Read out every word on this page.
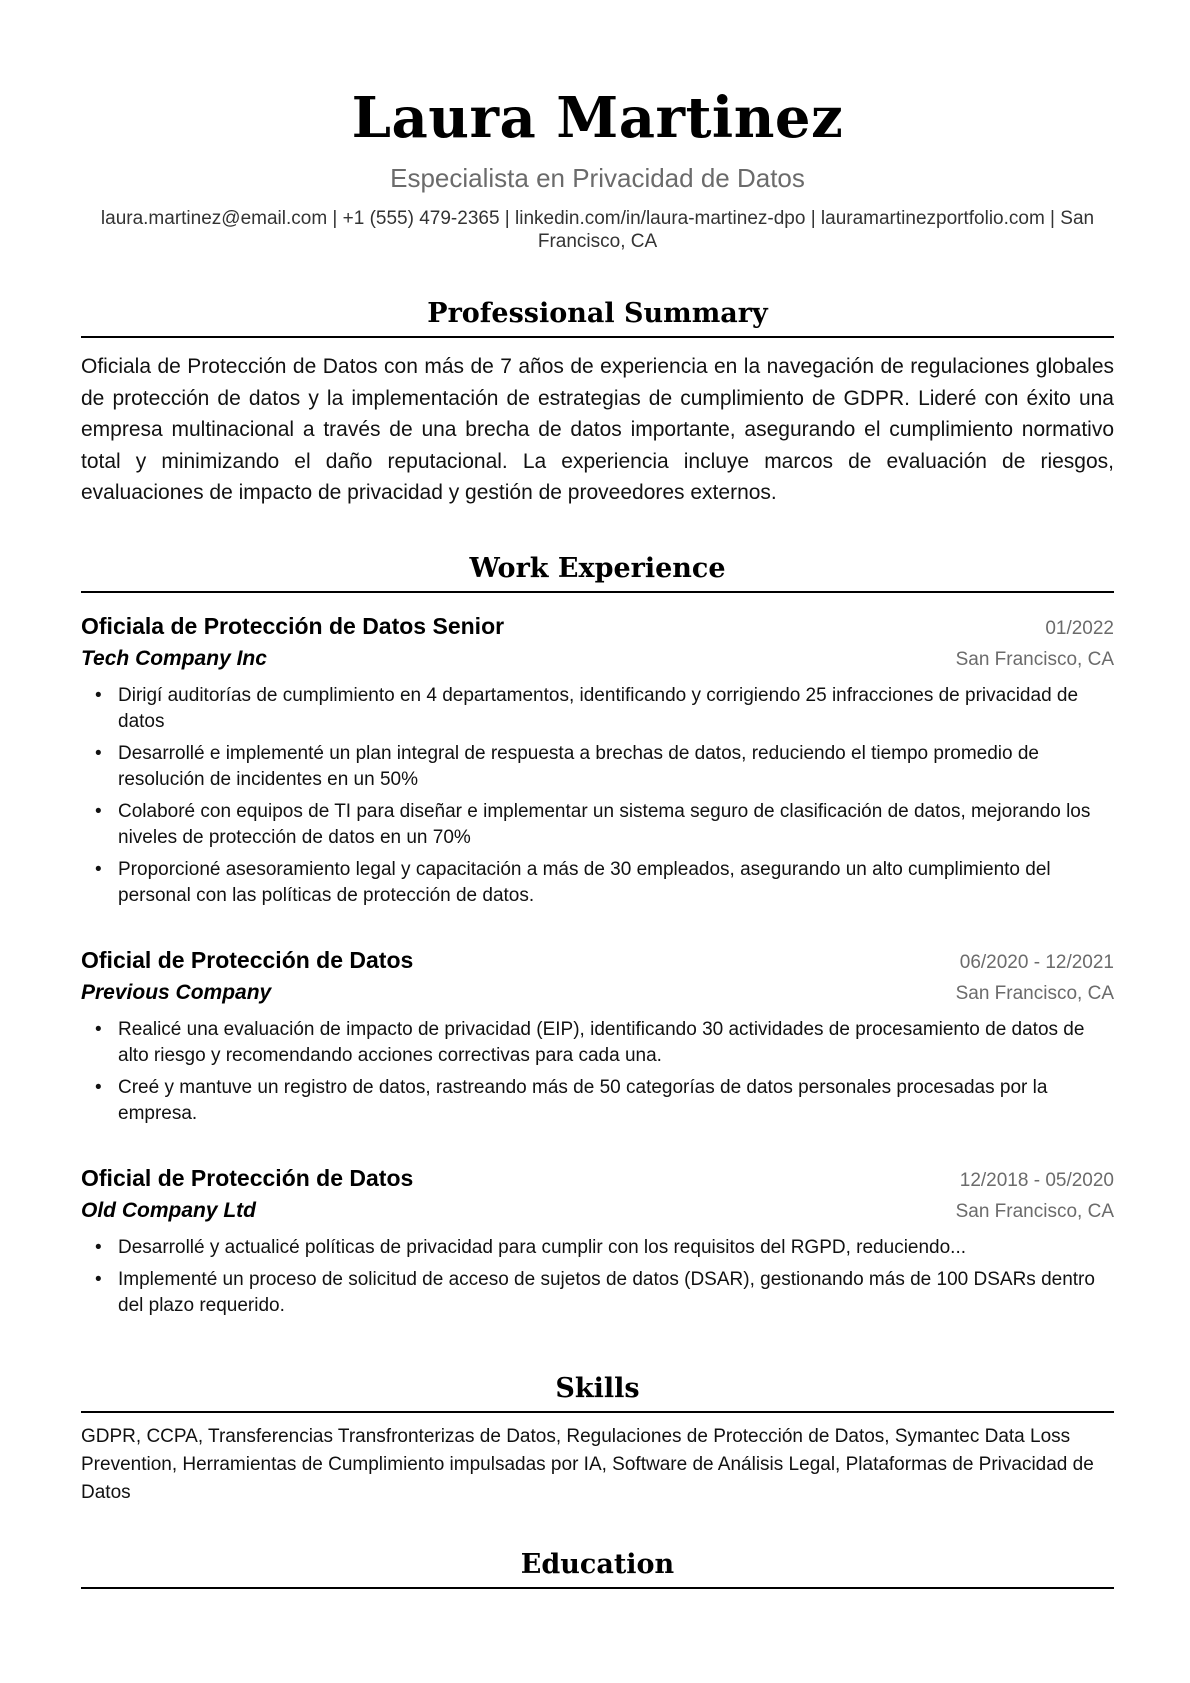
Laura Martinez
Especialista en Privacidad de Datos
laura.martinez@email.com | +1 (555) 479-2365 | linkedin.com/in/laura-martinez-dpo | lauramartinezportfolio.com | San
Francisco, CA
Professional Summary
Oficiala de Protección de Datos con más de 7 años de experiencia en la navegación de regulaciones globales de protección de datos y la implementación de estrategias de cumplimiento de GDPR. Lideré con éxito una empresa multinacional a través de una brecha de datos importante, asegurando el cumplimiento normativo total y minimizando el daño reputacional. La experiencia incluye marcos de evaluación de riesgos, evaluaciones de impacto de privacidad y gestión de proveedores externos.
Work Experience
Oficiala de Protección de Datos Senior	01/2022
Tech Company Inc	San Francisco, CA
• Dirigí auditorías de cumplimiento en 4 departamentos, identificando y corrigiendo 25 infracciones de privacidad de datos
• Desarrollé e implementé un plan integral de respuesta a brechas de datos, reduciendo el tiempo promedio de resolución de incidentes en un 50%
• Colaboré con equipos de TI para diseñar e implementar un sistema seguro de clasificación de datos, mejorando los niveles de protección de datos en un 70%
• Proporcioné asesoramiento legal y capacitación a más de 30 empleados, asegurando un alto cumplimiento del personal con las políticas de protección de datos.
Oficial de Protección de Datos	06/2020 - 12/2021
Previous Company	San Francisco, CA
• Realicé una evaluación de impacto de privacidad (EIP), identificando 30 actividades de procesamiento de datos de alto riesgo y recomendando acciones correctivas para cada una.
• Creé y mantuve un registro de datos, rastreando más de 50 categorías de datos personales procesadas por la empresa.
Oficial de Protección de Datos	12/2018 - 05/2020
Old Company Ltd	San Francisco, CA
• Desarrollé y actualicé políticas de privacidad para cumplir con los requisitos del RGPD, reduciendo...
• Implementé un proceso de solicitud de acceso de sujetos de datos (DSAR), gestionando más de 100 DSARs dentro del plazo requerido.
Skills
GDPR, CCPA, Transferencias Transfronterizas de Datos, Regulaciones de Protección de Datos, Symantec Data Loss Prevention, Herramientas de Cumplimiento impulsadas por IA, Software de Análisis Legal, Plataformas de Privacidad de Datos
Education
